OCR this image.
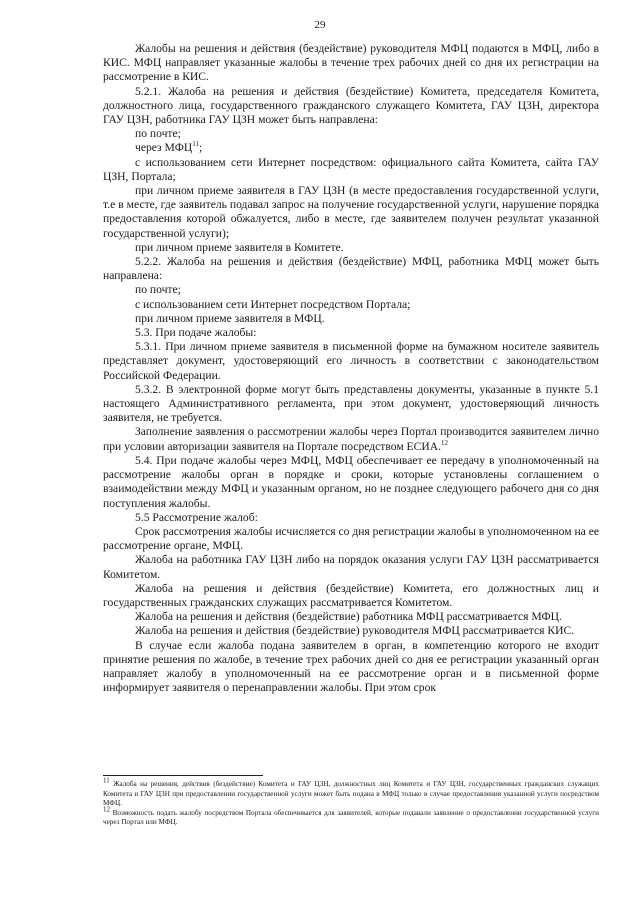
29

Жалобы на решения и действия (бездействие) руководителя МФЦ подаются в МФЦ, либо в КИС. МФЦ направляет указанные жалобы в течение трех рабочих дней со дня их регистрации на рассмотрение в КИС.

5.2.1. Жалоба на решения и действия (бездействие) Комитета, председателя Комитета, должностного лица, государственного гражданского служащего Комитета, ГАУ ЦЗН, директора ГАУ ЦЗН, работника ГАУ ЦЗН может быть направлена:

по почте;

через МФЦ$^{11}$;

с использованием сети Интернет посредством: официального сайта Комитета, сайта ГАУ ЦЗН, Портала;

при личном приеме заявителя в ГАУ ЦЗН (в месте предоставления государственной услуги, т.е в месте, где заявитель подавал запрос на получение государственной услуги, нарушение порядка предоставления которой обжалуется, либо в месте, где заявителем получен результат указанной государственной услуги);

при личном приеме заявителя в Комитете.

5.2.2. Жалоба на решения и действия (бездействие) МФЦ, работника МФЦ может быть направлена:

по почте;

с использованием сети Интернет посредством Портала;

при личном приеме заявителя в МФЦ.

5.3. При подаче жалобы:

5.3.1. При личном приеме заявителя в письменной форме на бумажном носителе заявитель представляет документ, удостоверяющий его личность в соответствии с законодательством Российской Федерации.

5.3.2. В электронной форме могут быть представлены документы, указанные в пункте 5.1 настоящего Административного регламента, при этом документ, удостоверяющий личность заявителя, не требуется.

Заполнение заявления о рассмотрении жалобы через Портал производится заявителем лично при условии авторизации заявителя на Портале посредством ЕСИА.$^{12}$

5.4. При подаче жалобы через МФЦ, МФЦ обеспечивает ее передачу в уполномоченный на рассмотрение жалобы орган в порядке и сроки, которые установлены соглашением о взаимодействии между МФЦ и указанным органом, но не позднее следующего рабочего дня со дня поступления жалобы.

5.5 Рассмотрение жалоб:

Срок рассмотрения жалобы исчисляется со дня регистрации жалобы в уполномоченном на ее рассмотрение органе, МФЦ.

Жалоба на работника ГАУ ЦЗН либо на порядок оказания услуги ГАУ ЦЗН рассматривается Комитетом.

Жалоба на решения и действия (бездействие) Комитета, его должностных лиц и государственных гражданских служащих рассматривается Комитетом.

Жалоба на решения и действия (бездействие) работника МФЦ рассматривается МФЦ.

Жалоба на решения и действия (бездействие) руководителя МФЦ рассматривается КИС.

В случае если жалоба подана заявителем в орган, в компетенцию которого не входит принятие решения по жалобе, в течение трех рабочих дней со дня ее регистрации указанный орган направляет жалобу в уполномоченный на ее рассмотрение орган и в письменной форме информирует заявителя о перенаправлении жалобы. При этом срок

$^{11}$ Жалоба на решения, действия (бездействие) Комитета и ГАУ ЦЗН, должностных лиц Комитета и ГАУ ЦЗН, государственных гражданских служащих Комитета и ГАУ ЦЗН при предоставлении государственной услуги может быть подана в МФЦ только в случае предоставления указанной услуги посредством МФЦ.

$^{12}$ Возможность подать жалобу посредством Портала обеспечивается для заявителей, которые подавали заявление о предоставлении государственной услуги через Портал или МФЦ.
